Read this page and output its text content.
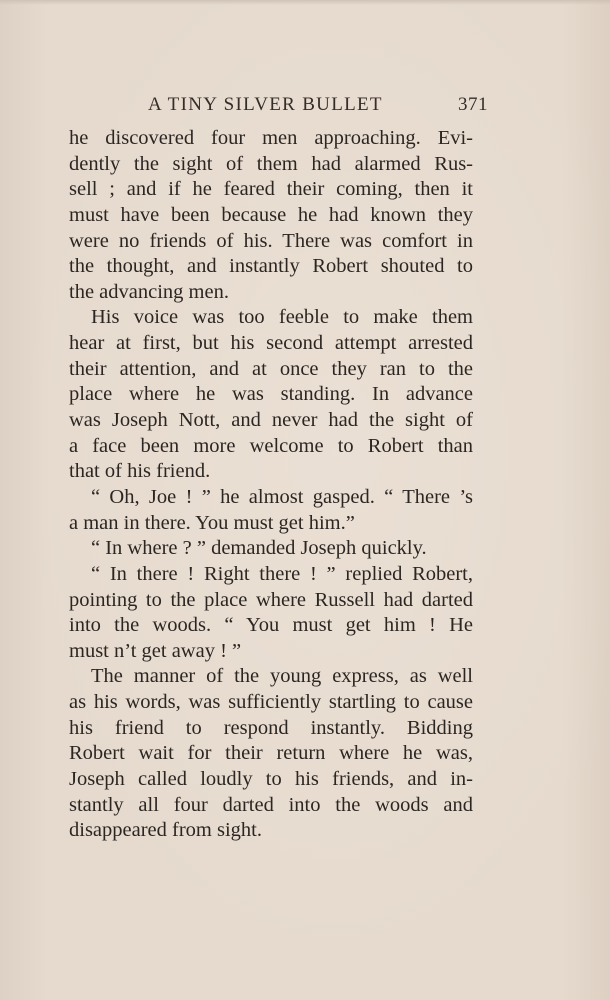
A TINY SILVER BULLET	371
he discovered four men approaching. Evi-
dently the sight of them had alarmed Rus-
sell ; and if he feared their coming, then it
must have been because he had known they
were no friends of his. There was comfort in
the thought, and instantly Robert shouted to
the advancing men.
His voice was too feeble to make them
hear at first, but his second attempt arrested
their attention, and at once they ran to the
place where he was standing. In advance
was Joseph Nott, and never had the sight of
a face been more welcome to Robert than
that of his friend.
“ Oh, Joe ! ” he almost gasped. “ There ’s
a man in there. You must get him.”
“ In where ? ” demanded Joseph quickly.
“ In there ! Right there ! ” replied Robert,
pointing to the place where Russell had darted
into the woods. “ You must get him ! He
must n’t get away ! ”
The manner of the young express, as well
as his words, was sufficiently startling to cause
his friend to respond instantly. Bidding
Robert wait for their return where he was,
Joseph called loudly to his friends, and in-
stantly all four darted into the woods and
disappeared from sight.
